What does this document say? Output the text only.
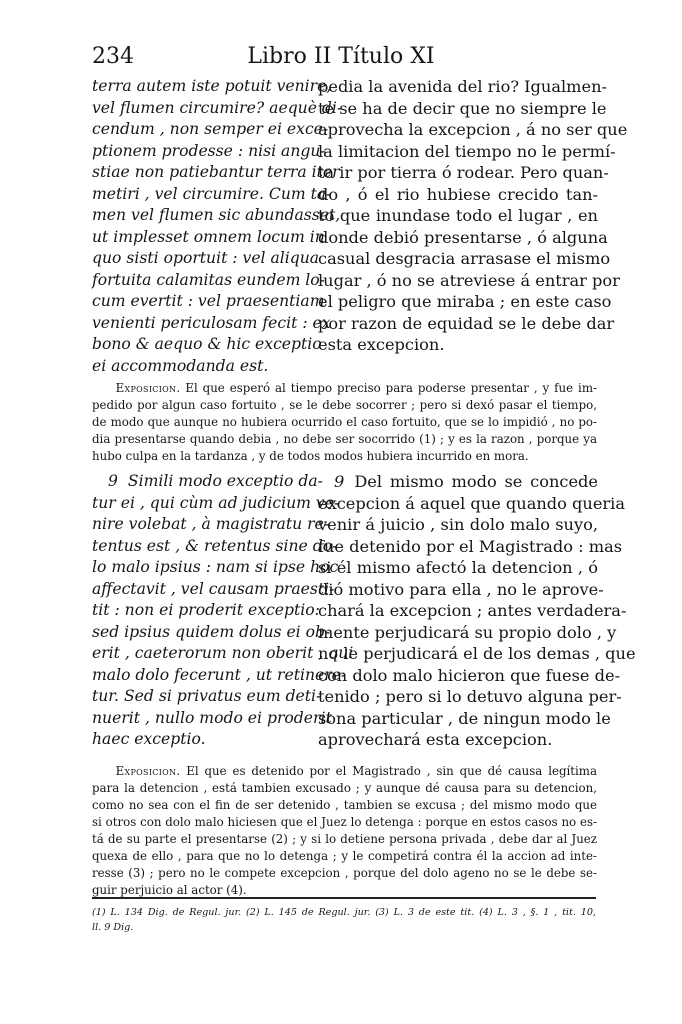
234	Libro II Título XI
terra autem iste potuit venire,
vel flumen circumire? aequè di-
cendum , non semper ei exce-
ptionem prodesse : nisi angu-
stiae non patiebantur terra iter
metiri , vel circumire. Cum ta-
men vel flumen sic abundasset,
ut implesset omnem locum in
quo sisti oportuit : vel aliqua
fortuita calamitas eundem lo-
cum evertit : vel praesentiam
venienti periculosam fecit : ex
bono & aequo & hic exceptio
ei accommodanda est.
pedia la avenida del rio? Igualmen-
te se ha de decir que no siempre le
aprovecha la excepcion , á no ser que
la limitacion del tiempo no le permí-
ta ir por tierra ó rodear. Pero quan-
do , ó el rio hubiese crecido tan-
to que inundase todo el lugar , en
donde debió presentarse , ó alguna
casual desgracia arrasase el mismo
lugar , ó no se atreviese á entrar por
el peligro que miraba ; en este caso
por razon de equidad se le debe dar
esta excepcion.
  Exposicion. El que esperó al tiempo preciso para poderse presentar , y fue im-
pedido por algun caso fortuito , se le debe socorrer ; pero si dexó pasar el tiempo,
de modo que aunque no hubiera ocurrido el caso fortuito, que se lo impidió , no po-
dia presentarse quando debia , no debe ser socorrido (1) ; y es la razon , porque ya
hubo culpa en la tardanza , y de todos modos hubiera incurrido en mora.
9 Simili modo exceptio da-
tur ei , qui cùm ad judicium ve-
nire volebat , à magistratu re-
tentus est , & retentus sine do-
lo malo ipsius : nam si ipse hoc
affectavit , vel causam praesti-
tit : non ei proderit exceptio:
sed ipsius quidem dolus ei ob-
erit , caeterorum non oberit , qui
malo dolo fecerunt , ut retinere-
tur. Sed si privatus eum deti-
nuerit , nullo modo ei proderit
haec exceptio.
9 Del mismo modo se concede
excepcion á aquel que quando queria
venir á juicio , sin dolo malo suyo,
fue detenido por el Magistrado : mas
si él mismo afectó la detencion , ó
dió motivo para ella , no le aprove-
chará la excepcion ; antes verdadera-
mente perjudicará su propio dolo , y
no le perjudicará el de los demas , que
con dolo malo hicieron que fuese de-
tenido ; pero si lo detuvo alguna per-
sona particular , de ningun modo le
aprovechará esta excepcion.
  Exposicion. El que es detenido por el Magistrado , sin que dé causa legítima
para la detencion , está tambien excusado ; y aunque dé causa para su detencion,
como no sea con el fin de ser detenido , tambien se excusa ; del mismo modo que
si otros con dolo malo hiciesen que el Juez lo detenga : porque en estos casos no es-
tá de su parte el presentarse (2) ; y si lo detiene persona privada , debe dar al Juez
quexa de ello , para que no lo detenga ; y le competirá contra él la accion ad inte-
resse (3) ; pero no le compete excepcion , porque del dolo ageno no se le debe se-
guir perjuicio al actor (4).
(1) L. 134 Dig. de Regul. jur. (2) L. 145 de Regul. jur. (3) L. 3 de este tit. (4) L. 3 , §. 1 , tit. 10,
ll. 9 Dig.
